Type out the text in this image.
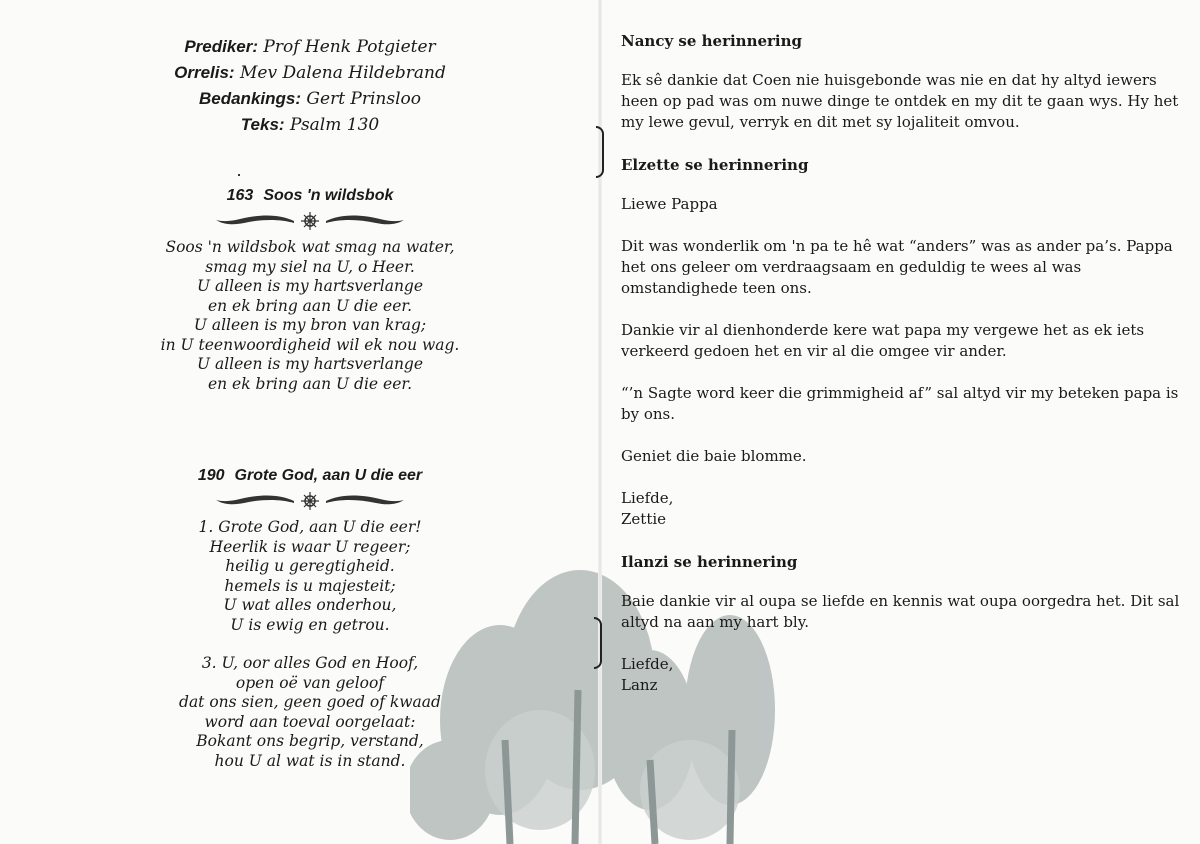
Prediker: Prof Henk Potgieter
Orrelis: Mev Dalena Hildebrand
Bedankings: Gert Prinsloo
Teks: Psalm 130
163 Soos 'n wildsbok

Soos 'n wildsbok wat smag na water,

smag my siel na U, o Heer.

U alleen is my hartsverlange

en ek bring aan U die eer.

U alleen is my bron van krag;

in U teenwoordigheid wil ek nou wag.

U alleen is my hartsverlange

en ek bring aan U die eer.

190 Grote God, aan U die eer

1. Grote God, aan U die eer!

Heerlik is waar U regeer;

heilig u geregtigheid.

hemels is u majesteit;

U wat alles onderhou,

U is ewig en getrou.

3. U, oor alles God en Hoof,

open oë van geloof

dat ons sien, geen goed of kwaad

word aan toeval oorgelaat:

Bokant ons begrip, verstand,

hou U al wat is in stand.

Nancy se herinnering

Ek sê dankie dat Coen nie huisgebonde was nie en dat hy altyd iewers heen op pad was om nuwe dinge te ontdek en my dit te gaan wys. Hy het my lewe gevul, verryk en dit met sy lojaliteit omvou.

Elzette se herinnering

Liewe Pappa

Dit was wonderlik om 'n pa te hê wat “anders” was as ander pa’s. Pappa het ons geleer om verdraagsaam en geduldig te wees al was omstandighede teen ons.

Dankie vir al dienhonderde kere wat papa my vergewe het as ek iets verkeerd gedoen het en vir al die omgee vir ander.

“’n Sagte word keer die grimmigheid af” sal altyd vir my beteken papa is by ons.

Geniet die baie blomme.

Liefde,
Zettie

Ilanzi se herinnering

Baie dankie vir al oupa se liefde en kennis wat oupa oorgedra het. Dit sal altyd na aan my hart bly.

Liefde,
Lanz
